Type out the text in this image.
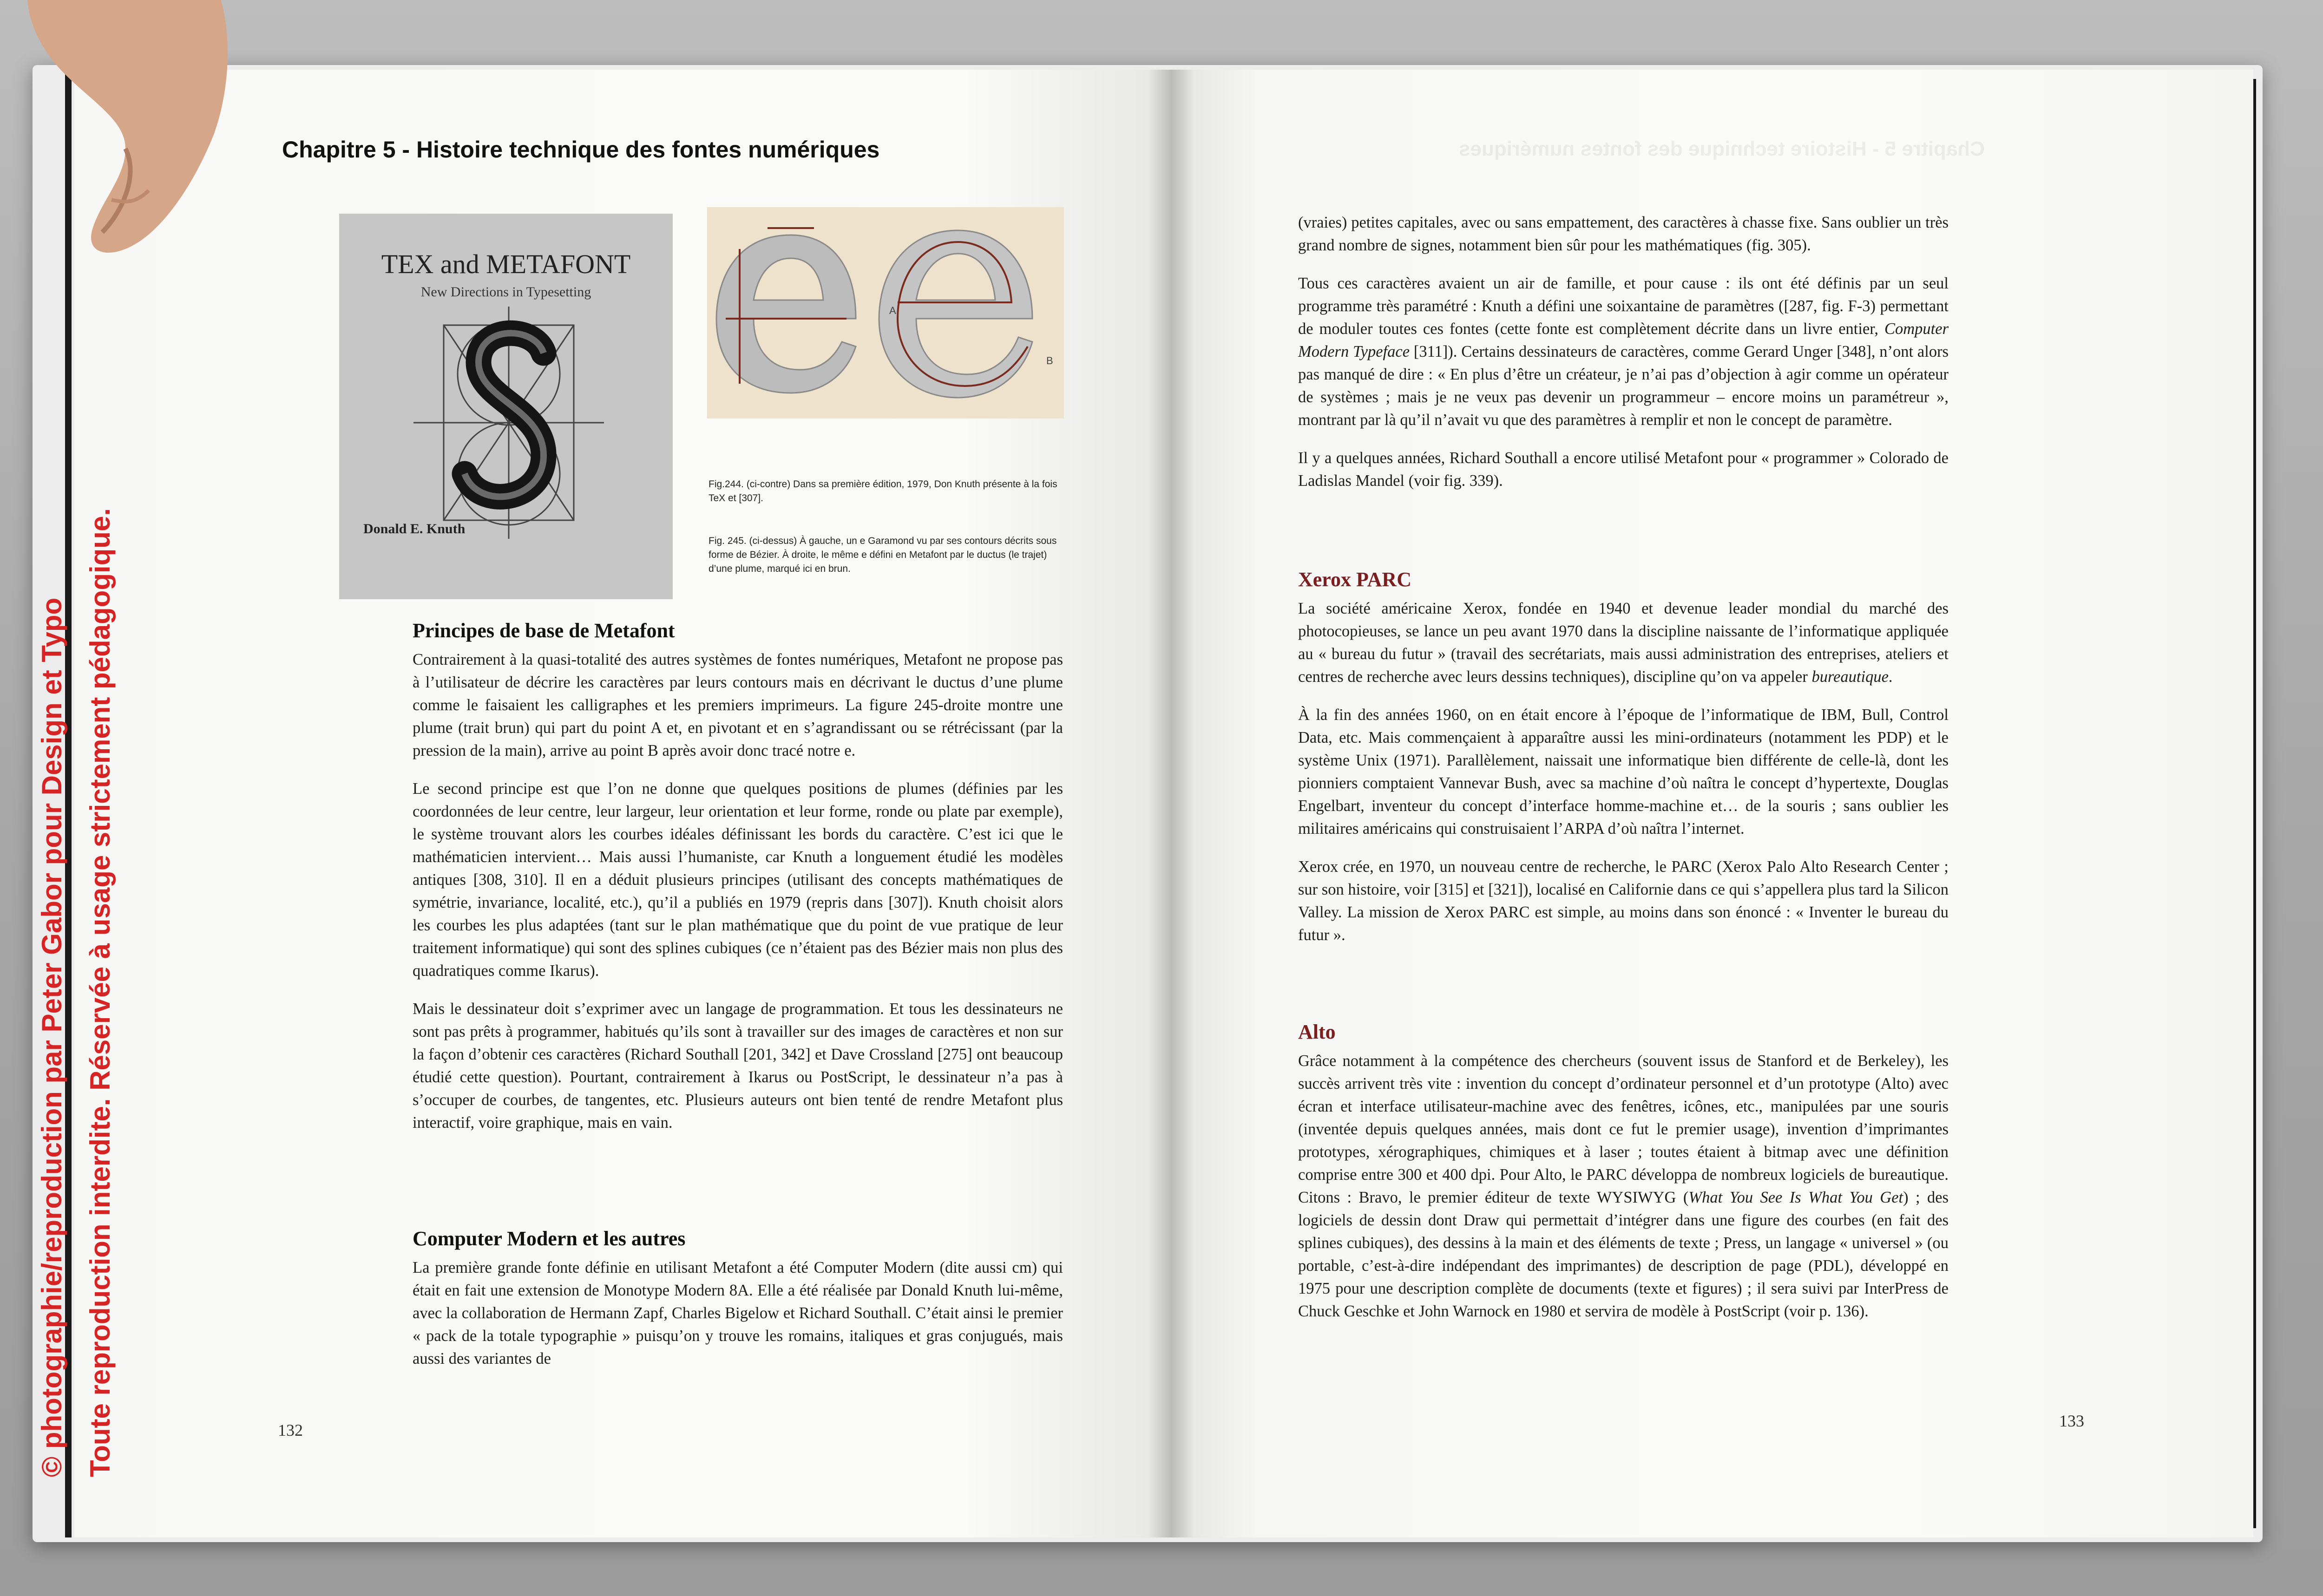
Chapitre 5 - Histoire technique des fontes numériques
TEX and METAFONT
New Directions in Typesetting
Donald E. Knuth
A
B
Fig.244. (ci-contre) Dans sa première édition, 1979, Don Knuth présente à la fois TeX et [307].
Fig. 245. (ci-dessus) À gauche, un e Garamond vu par ses contours décrits sous forme de Bézier. À droite, le même e défini en Metafont par le ductus (le trajet) d’une plume, marqué ici en brun.
Principes de base de Metafont

Contrairement à la quasi-totalité des autres systèmes de fontes numériques, Metafont ne propose pas à l’utilisateur de décrire les caractères par leurs contours mais en décrivant le ductus d’une plume comme le faisaient les calligraphes et les premiers imprimeurs. La figure 245-droite montre une plume (trait brun) qui part du point A et, en pivotant et en s’agrandissant ou se rétrécissant (par la pression de la main), arrive au point B après avoir donc tracé notre e.

Le second principe est que l’on ne donne que quelques positions de plumes (définies par les coordonnées de leur centre, leur largeur, leur orientation et leur forme, ronde ou plate par exemple), le système trouvant alors les courbes idéales définissant les bords du caractère. C’est ici que le mathématicien intervient… Mais aussi l’humaniste, car Knuth a longuement étudié les modèles antiques [308, 310]. Il en a déduit plusieurs principes (utilisant des concepts mathématiques de symétrie, invariance, localité, etc.), qu’il a publiés en 1979 (repris dans [307]). Knuth choisit alors les courbes les plus adaptées (tant sur le plan mathématique que du point de vue pratique de leur traitement informatique) qui sont des splines cubiques (ce n’étaient pas des Bézier mais non plus des quadratiques comme Ikarus).

Mais le dessinateur doit s’exprimer avec un langage de programmation. Et tous les dessinateurs ne sont pas prêts à programmer, habitués qu’ils sont à travailler sur des images de caractères et non sur la façon d’obtenir ces caractères (Richard Southall [201, 342] et Dave Crossland [275] ont beaucoup étudié cette question). Pourtant, contrairement à Ikarus ou PostScript, le dessinateur n’a pas à s’occuper de courbes, de tangentes, etc. Plusieurs auteurs ont bien tenté de rendre Metafont plus interactif, voire graphique, mais en vain.

Computer Modern et les autres

La première grande fonte définie en utilisant Metafont a été Computer Modern (dite aussi cm) qui était en fait une extension de Monotype Modern 8A. Elle a été réalisée par Donald Knuth lui-même, avec la collaboration de Hermann Zapf, Charles Bigelow et Richard Southall. C’était ainsi le premier « pack de la totale typographie » puisqu’on y trouve les romains, italiques et gras conjugués, mais aussi des variantes de

132
Chapitre 5 - Histoire technique des fontes numériques

(vraies) petites capitales, avec ou sans empattement, des caractères à chasse fixe. Sans oublier un très grand nombre de signes, notamment bien sûr pour les mathématiques (fig. 305).

Tous ces caractères avaient un air de famille, et pour cause : ils ont été définis par un seul programme très paramétré : Knuth a défini une soixantaine de paramètres ([287, fig. F-3) permettant de moduler toutes ces fontes (cette fonte est complètement décrite dans un livre entier, Computer Modern Typeface [311]). Certains dessinateurs de caractères, comme Gerard Unger [348], n’ont alors pas manqué de dire : « En plus d’être un créateur, je n’ai pas d’objection à agir comme un opérateur de systèmes ; mais je ne veux pas devenir un programmeur – encore moins un paramétreur », montrant par là qu’il n’avait vu que des paramètres à remplir et non le concept de paramètre.

Il y a quelques années, Richard Southall a encore utilisé Metafont pour « programmer » Colorado de Ladislas Mandel (voir fig. 339).

Xerox PARC

La société américaine Xerox, fondée en 1940 et devenue leader mondial du marché des photocopieuses, se lance un peu avant 1970 dans la discipline naissante de l’informatique appliquée au « bureau du futur » (travail des secrétariats, mais aussi administration des entreprises, ateliers et centres de recherche avec leurs dessins techniques), discipline qu’on va appeler bureautique.

À la fin des années 1960, on en était encore à l’époque de l’informatique de IBM, Bull, Control Data, etc. Mais commençaient à apparaître aussi les mini-ordinateurs (notamment les PDP) et le système Unix (1971). Parallèlement, naissait une informatique bien différente de celle-là, dont les pionniers comptaient Vannevar Bush, avec sa machine d’où naîtra le concept d’hypertexte, Douglas Engelbart, inventeur du concept d’interface homme-machine et… de la souris ; sans oublier les militaires américains qui construisaient l’ARPA d’où naîtra l’internet.

Xerox crée, en 1970, un nouveau centre de recherche, le PARC (Xerox Palo Alto Research Center ; sur son histoire, voir [315] et [321]), localisé en Californie dans ce qui s’appellera plus tard la Silicon Valley. La mission de Xerox PARC est simple, au moins dans son énoncé : « Inventer le bureau du futur ».

Alto

Grâce notamment à la compétence des chercheurs (souvent issus de Stanford et de Berkeley), les succès arrivent très vite : invention du concept d’ordinateur personnel et d’un prototype (Alto) avec écran et interface utilisateur-machine avec des fenêtres, icônes, etc., manipulées par une souris (inventée depuis quelques années, mais dont ce fut le premier usage), invention d’imprimantes prototypes, xérographiques, chimiques et à laser ; toutes étaient à bitmap avec une définition comprise entre 300 et 400 dpi. Pour Alto, le PARC développa de nombreux logiciels de bureautique. Citons : Bravo, le premier éditeur de texte WYSIWYG (What You See Is What You Get) ; des logiciels de dessin dont Draw qui permettait d’intégrer dans une figure des courbes (en fait des splines cubiques), des dessins à la main et des éléments de texte ; Press, un langage « universel » (ou portable, c’est-à-dire indépendant des imprimantes) de description de page (PDL), développé en 1975 pour une description complète de documents (texte et figures) ; il sera suivi par InterPress de Chuck Geschke et John Warnock en 1980 et servira de modèle à PostScript (voir p. 136).

133
© photographie/reproduction par Peter Gabor pour Design et Typo Toute reproduction interdite. Réservée à usage strictement pédagogique.
